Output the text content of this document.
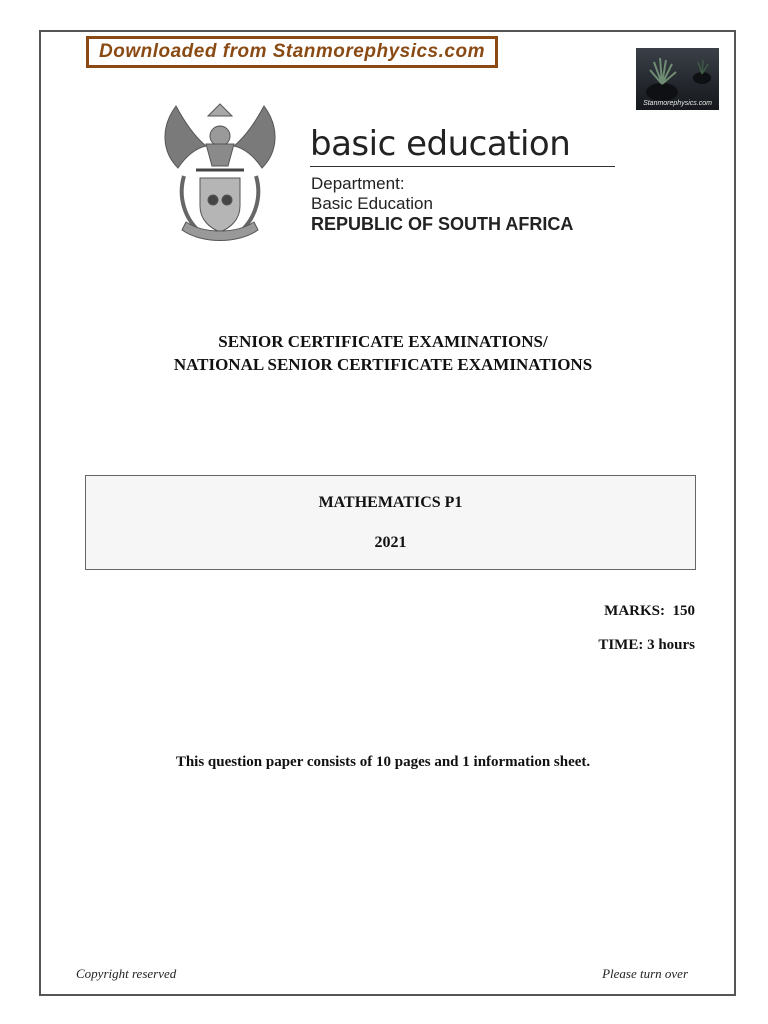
Downloaded from Stanmorephysics.com
Stanmorephysics.com
basic education
Department:
Basic Education
REPUBLIC OF SOUTH AFRICA
SENIOR CERTIFICATE EXAMINATIONS/
NATIONAL SENIOR CERTIFICATE EXAMINATIONS
MATHEMATICS P1
2021
MARKS:  150
TIME: 3 hours
This question paper consists of 10 pages and 1 information sheet.
Copyright reserved	Please turn over
